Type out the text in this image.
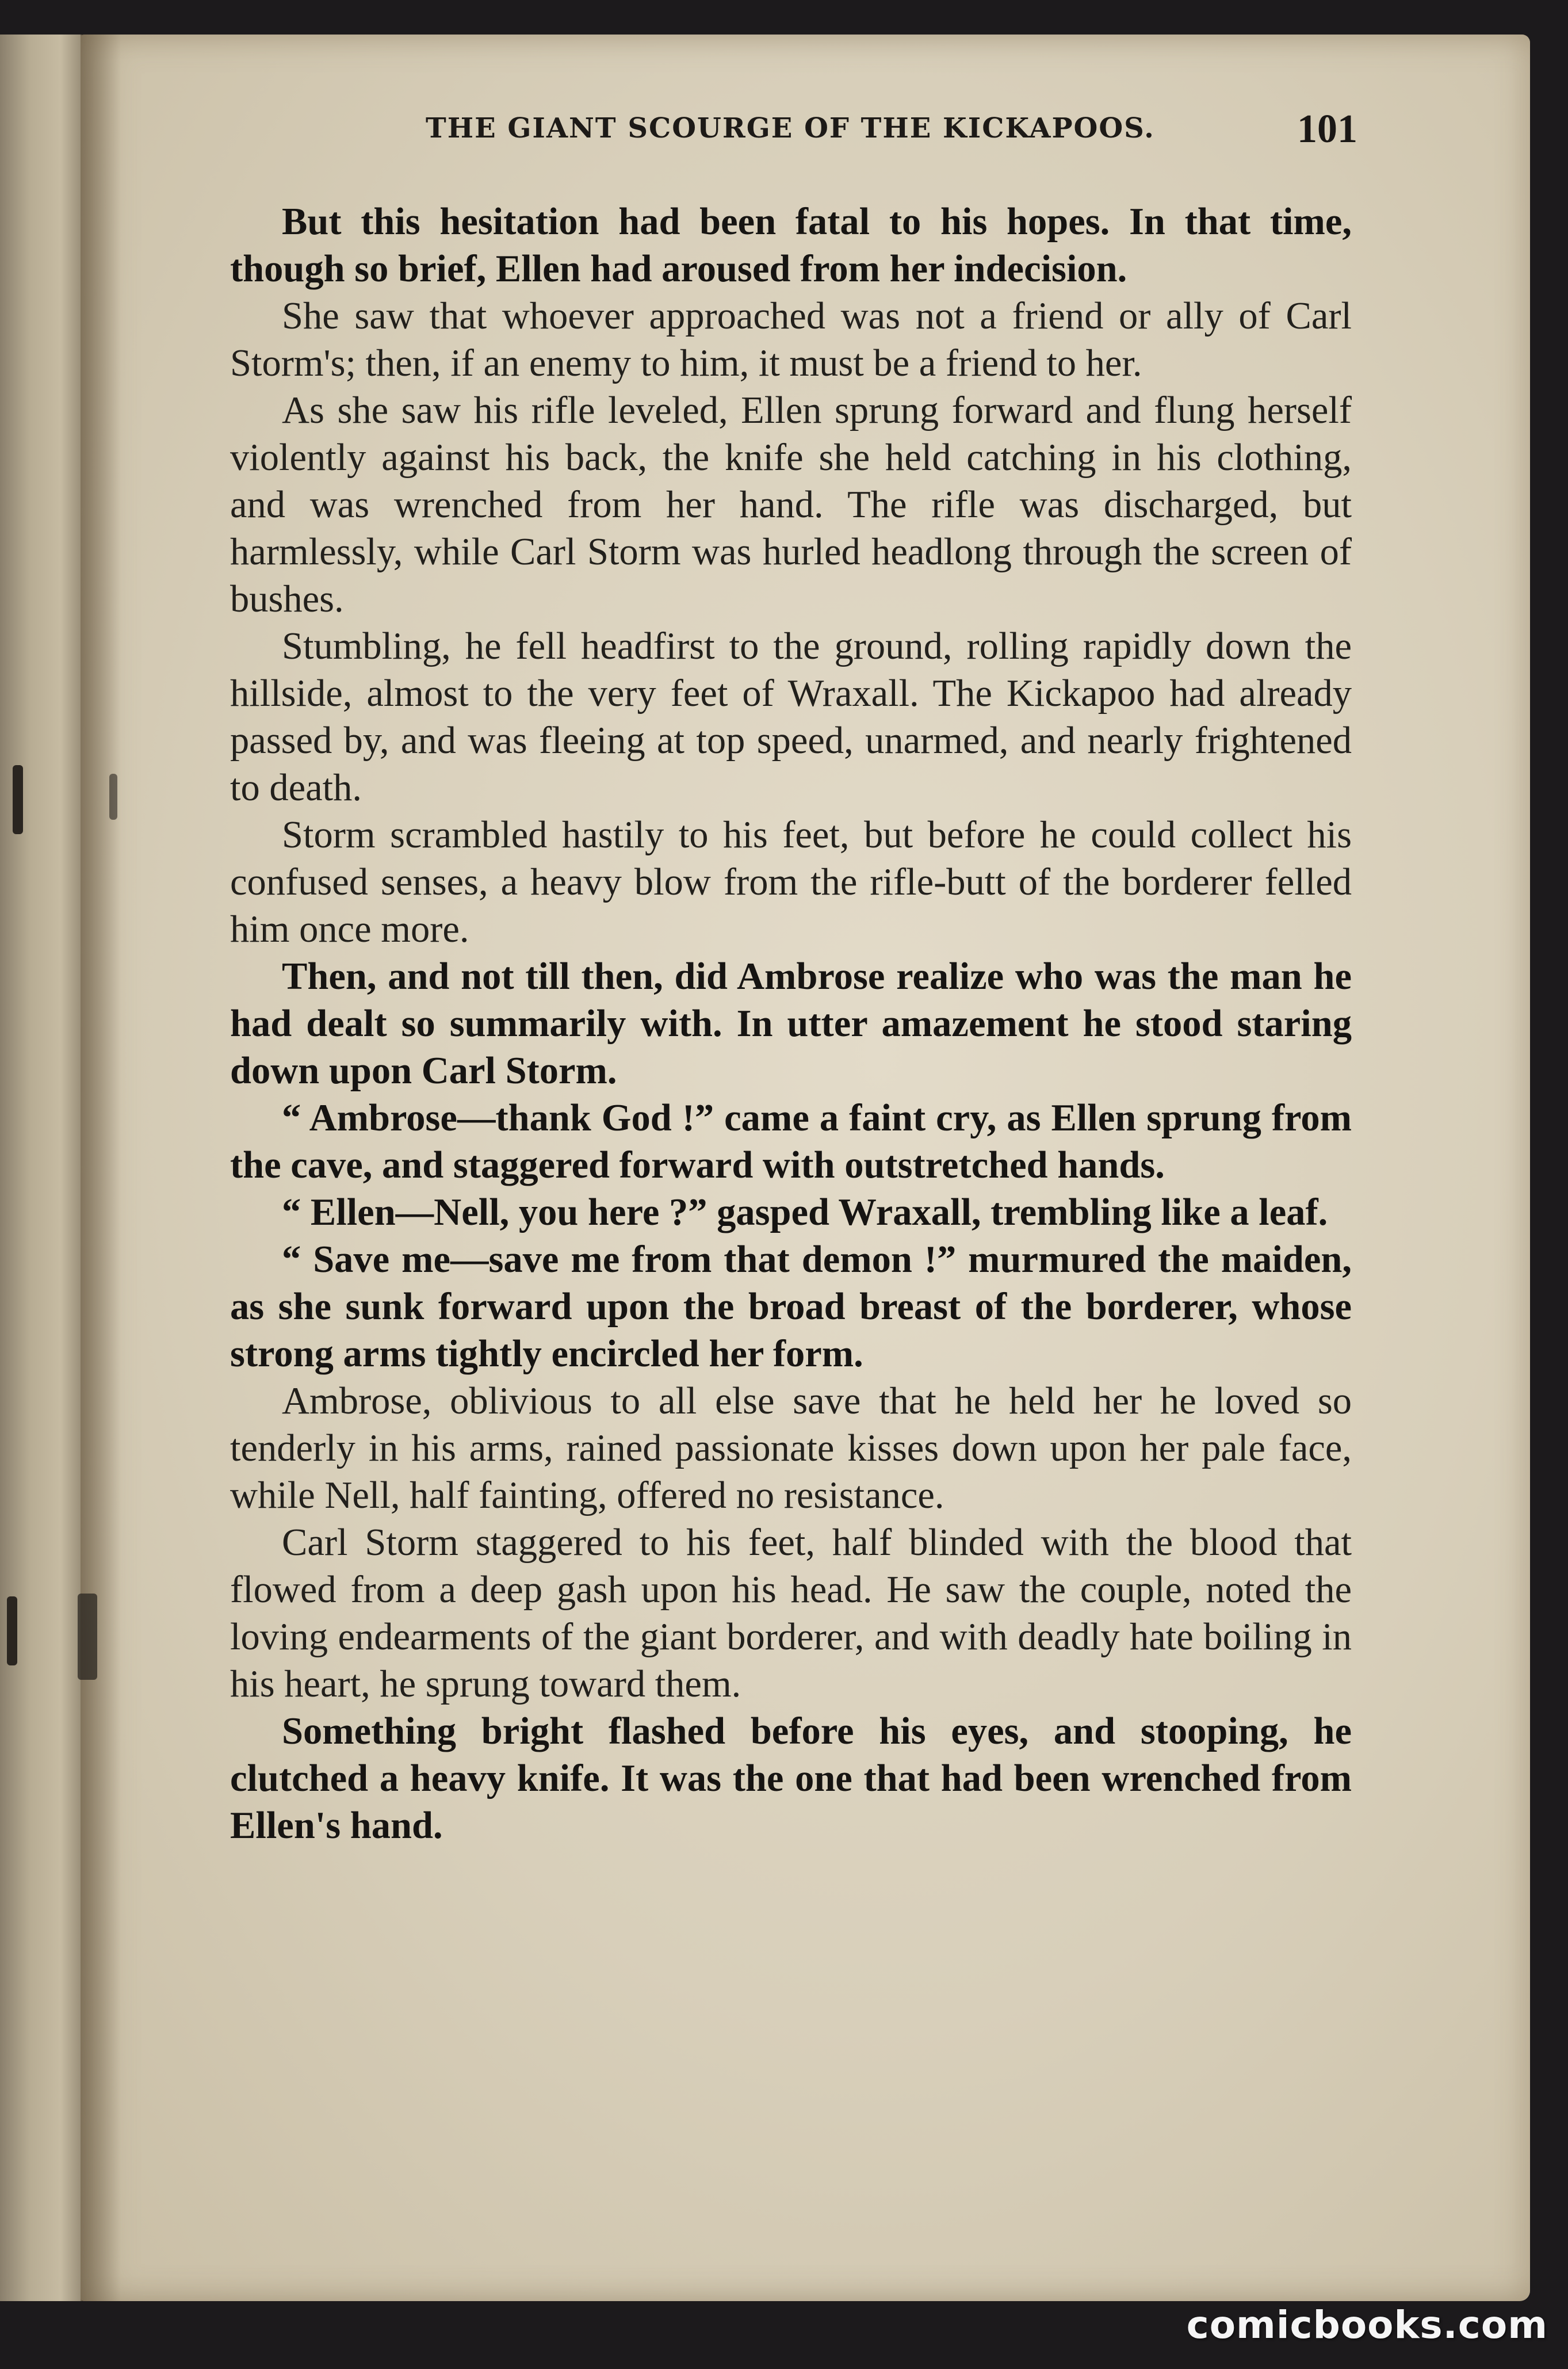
THE GIANT SCOURGE OF THE KICKAPOOS.	101

But this hesitation had been fatal to his hopes. In that time, though so brief, Ellen had aroused from her indecision.

She saw that whoever approached was not a friend or ally of Carl Storm's; then, if an enemy to him, it must be a friend to her.

As she saw his rifle leveled, Ellen sprung forward and flung herself violently against his back, the knife she held catching in his clothing, and was wrenched from her hand. The rifle was discharged, but harmlessly, while Carl Storm was hurled headlong through the screen of bushes.

Stumbling, he fell headfirst to the ground, rolling rapidly down the hillside, almost to the very feet of Wraxall. The Kickapoo had already passed by, and was fleeing at top speed, unarmed, and nearly frightened to death.

Storm scrambled hastily to his feet, but before he could collect his confused senses, a heavy blow from the rifle-butt of the borderer felled him once more.

Then, and not till then, did Ambrose realize who was the man he had dealt so summarily with. In utter amazement he stood staring down upon Carl Storm.

“ Ambrose—thank God !” came a faint cry, as Ellen sprung from the cave, and staggered forward with outstretched hands.

“ Ellen—Nell, you here ?” gasped Wraxall, trembling like a leaf.

“ Save me—save me from that demon !” murmured the maiden, as she sunk forward upon the broad breast of the borderer, whose strong arms tightly encircled her form.

Ambrose, oblivious to all else save that he held her he loved so tenderly in his arms, rained passionate kisses down upon her pale face, while Nell, half fainting, offered no resistance.

Carl Storm staggered to his feet, half blinded with the blood that flowed from a deep gash upon his head. He saw the couple, noted the loving endearments of the giant borderer, and with deadly hate boiling in his heart, he sprung toward them.

Something bright flashed before his eyes, and stooping, he clutched a heavy knife. It was the one that had been wrenched from Ellen's hand.

comicbooks.com
